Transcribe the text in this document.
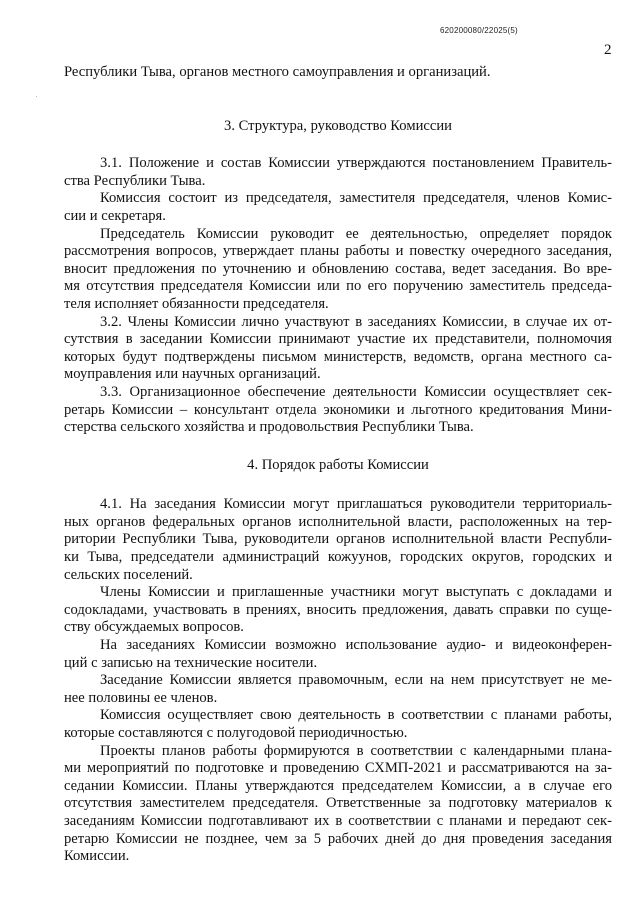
620200080/22025(5)
2
Республики Тыва, органов местного самоуправления и организаций.
3. Структура, руководство Комиссии
3.1. Положение и состав Комиссии утверждаются постановлением Правитель-
ства Республики Тыва.
Комиссия состоит из председателя, заместителя председателя, членов Комис-
сии и секретаря.
Председатель Комиссии руководит ее деятельностью, определяет порядок
рассмотрения вопросов, утверждает планы работы и повестку очередного заседания,
вносит предложения по уточнению и обновлению состава, ведет заседания. Во вре-
мя отсутствия председателя Комиссии или по его поручению заместитель председа-
теля исполняет обязанности председателя.
3.2. Члены Комиссии лично участвуют в заседаниях Комиссии, в случае их от-
сутствия в заседании Комиссии принимают участие их представители, полномочия
которых будут подтверждены письмом министерств, ведомств, органа местного са-
моуправления или научных организаций.
3.3. Организационное обеспечение деятельности Комиссии осуществляет сек-
ретарь Комиссии – консультант отдела экономики и льготного кредитования Мини-
стерства сельского хозяйства и продовольствия Республики Тыва.
4. Порядок работы Комиссии
4.1. На заседания Комиссии могут приглашаться руководители территориаль-
ных органов федеральных органов исполнительной власти, расположенных на тер-
ритории Республики Тыва, руководители органов исполнительной власти Республи-
ки Тыва, председатели администраций кожуунов, городских округов, городских и
сельских поселений.
Члены Комиссии и приглашенные участники могут выступать с докладами и
содокладами, участвовать в прениях, вносить предложения, давать справки по суще-
ству обсуждаемых вопросов.
На заседаниях Комиссии возможно использование аудио- и видеоконферен-
ций с записью на технические носители.
Заседание Комиссии является правомочным, если на нем присутствует не ме-
нее половины ее членов.
Комиссия осуществляет свою деятельность в соответствии с планами работы,
которые составляются с полугодовой периодичностью.
Проекты планов работы формируются в соответствии с календарными плана-
ми мероприятий по подготовке и проведению СХМП-2021 и рассматриваются на за-
седании Комиссии. Планы утверждаются председателем Комиссии, а в случае его
отсутствия заместителем председателя. Ответственные за подготовку материалов к
заседаниям Комиссии подготавливают их в соответствии с планами и передают сек-
ретарю Комиссии не позднее, чем за 5 рабочих дней до дня проведения заседания
Комиссии.
